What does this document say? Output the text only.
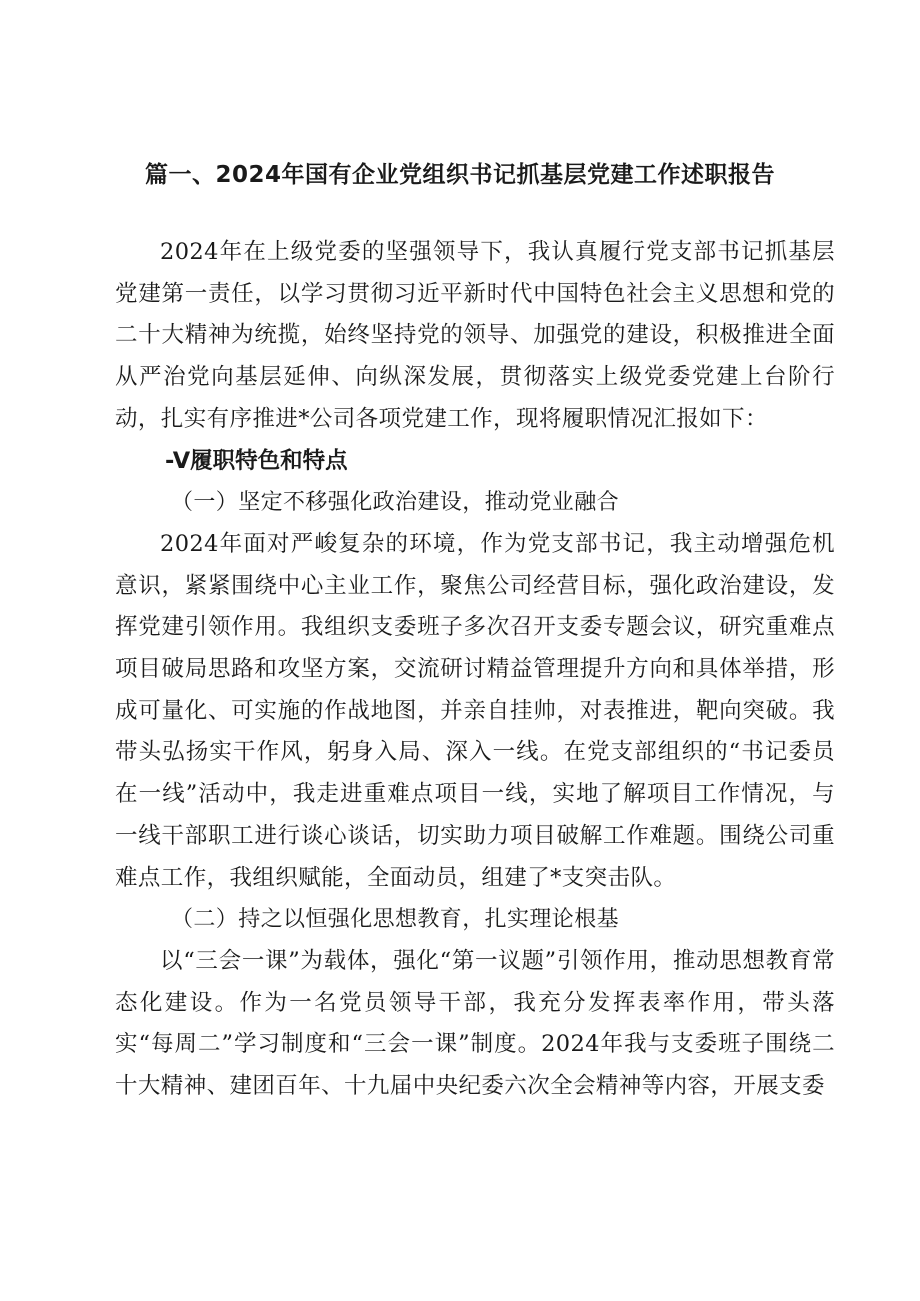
篇一、2024年国有企业党组织书记抓基层党建工作述职报告

2024年在上级党委的坚强领导下，我认真履行党支部书记抓基层党建第一责任，以学习贯彻习近平新时代中国特色社会主义思想和党的二十大精神为统揽，始终坚持党的领导、加强党的建设，积极推进全面从严治党向基层延伸、向纵深发展，贯彻落实上级党委党建上台阶行动，扎实有序推进*公司各项党建工作，现将履职情况汇报如下：

-V履职特色和特点

（一）坚定不移强化政治建设，推动党业融合

2024年面对严峻复杂的环境，作为党支部书记，我主动增强危机意识，紧紧围绕中心主业工作，聚焦公司经营目标，强化政治建设，发挥党建引领作用。我组织支委班子多次召开支委专题会议，研究重难点项目破局思路和攻坚方案，交流研讨精益管理提升方向和具体举措，形成可量化、可实施的作战地图，并亲自挂帅，对表推进，靶向突破。我带头弘扬实干作风，躬身入局、深入一线。在党支部组织的“书记委员在一线”活动中，我走进重难点项目一线，实地了解项目工作情况，与一线干部职工进行谈心谈话，切实助力项目破解工作难题。围绕公司重难点工作，我组织赋能，全面动员，组建了*支突击队。

（二）持之以恒强化思想教育，扎实理论根基

以“三会一课”为载体，强化“第一议题”引领作用，推动思想教育常态化建设。作为一名党员领导干部，我充分发挥表率作用，带头落实“每周二”学习制度和“三会一课”制度。2024年我与支委班子围绕二十大精神、建团百年、十九届中央纪委六次全会精神等内容，开展支委
